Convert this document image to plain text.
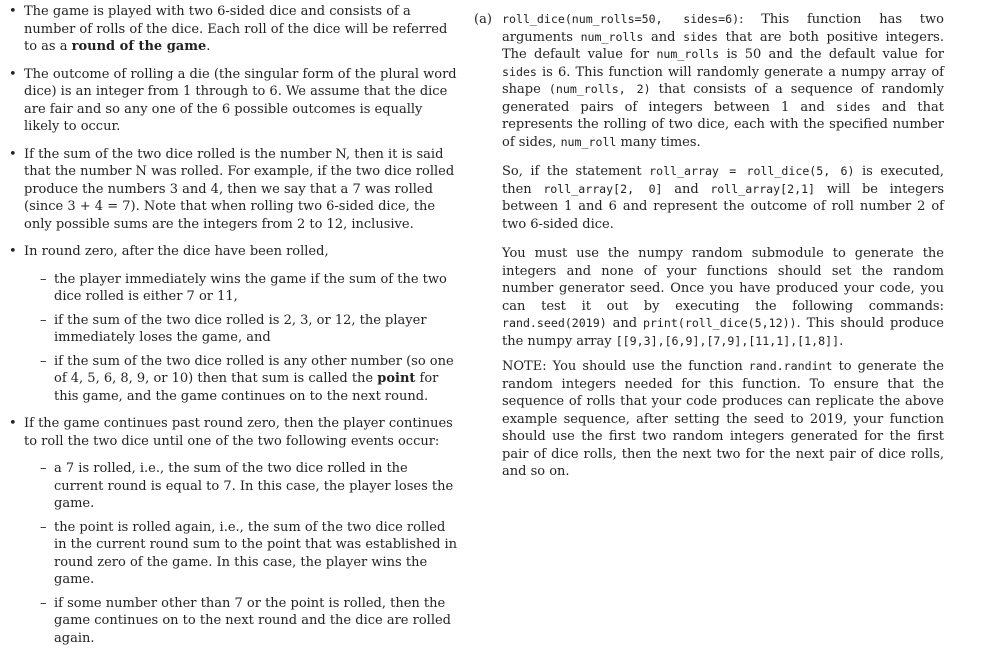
• The game is played with two 6-sided dice and consists of a number of rolls of the dice. Each roll of the dice will be referred to as a round of the game.
• The outcome of rolling a die (the singular form of the plural word dice) is an integer from 1 through to 6. We assume that the dice are fair and so any one of the 6 possible outcomes is equally likely to occur.
• If the sum of the two dice rolled is the number N, then it is said that the number N was rolled. For example, if the two dice rolled produce the numbers 3 and 4, then we say that a 7 was rolled (since 3 + 4 = 7). Note that when rolling two 6-sided dice, the only possible sums are the integers from 2 to 12, inclusive.
• In round zero, after the dice have been rolled,
– the player immediately wins the game if the sum of the two dice rolled is either 7 or 11,
– if the sum of the two dice rolled is 2, 3, or 12, the player immediately loses the game, and
– if the sum of the two dice rolled is any other number (so one of 4, 5, 6, 8, 9, or 10) then that sum is called the point for this game, and the game continues on to the next round.
• If the game continues past round zero, then the player continues to roll the two dice until one of the two following events occur:
– a 7 is rolled, i.e., the sum of the two dice rolled in the current round is equal to 7. In this case, the player loses the game.
– the point is rolled again, i.e., the sum of the two dice rolled in the current round sum to the point that was established in round zero of the game. In this case, the player wins the game.
– if some number other than 7 or the point is rolled, then the game continues on to the next round and the dice are rolled again.
(a) roll_dice(num_rolls=50, sides=6): This function has two arguments num_rolls and sides that are both positive integers. The default value for num_rolls is 50 and the default value for sides is 6. This function will randomly generate a numpy array of shape (num_rolls, 2) that consists of a sequence of randomly generated pairs of integers between 1 and sides and that represents the rolling of two dice, each with the specified number of sides, num_roll many times.
So, if the statement roll_array = roll_dice(5, 6) is executed, then roll_array[2, 0] and roll_array[2,1] will be integers between 1 and 6 and represent the outcome of roll number 2 of two 6-sided dice.
You must use the numpy random submodule to generate the integers and none of your functions should set the random number generator seed. Once you have produced your code, you can test it out by executing the following commands: rand.seed(2019) and print(roll_dice(5,12)). This should produce the numpy array [[9,3],[6,9],[7,9],[11,1],[1,8]].
NOTE: You should use the function rand.randint to generate the random integers needed for this function. To ensure that the sequence of rolls that your code produces can replicate the above example sequence, after setting the seed to 2019, your function should use the first two random integers generated for the first pair of dice rolls, then the next two for the next pair of dice rolls, and so on.
